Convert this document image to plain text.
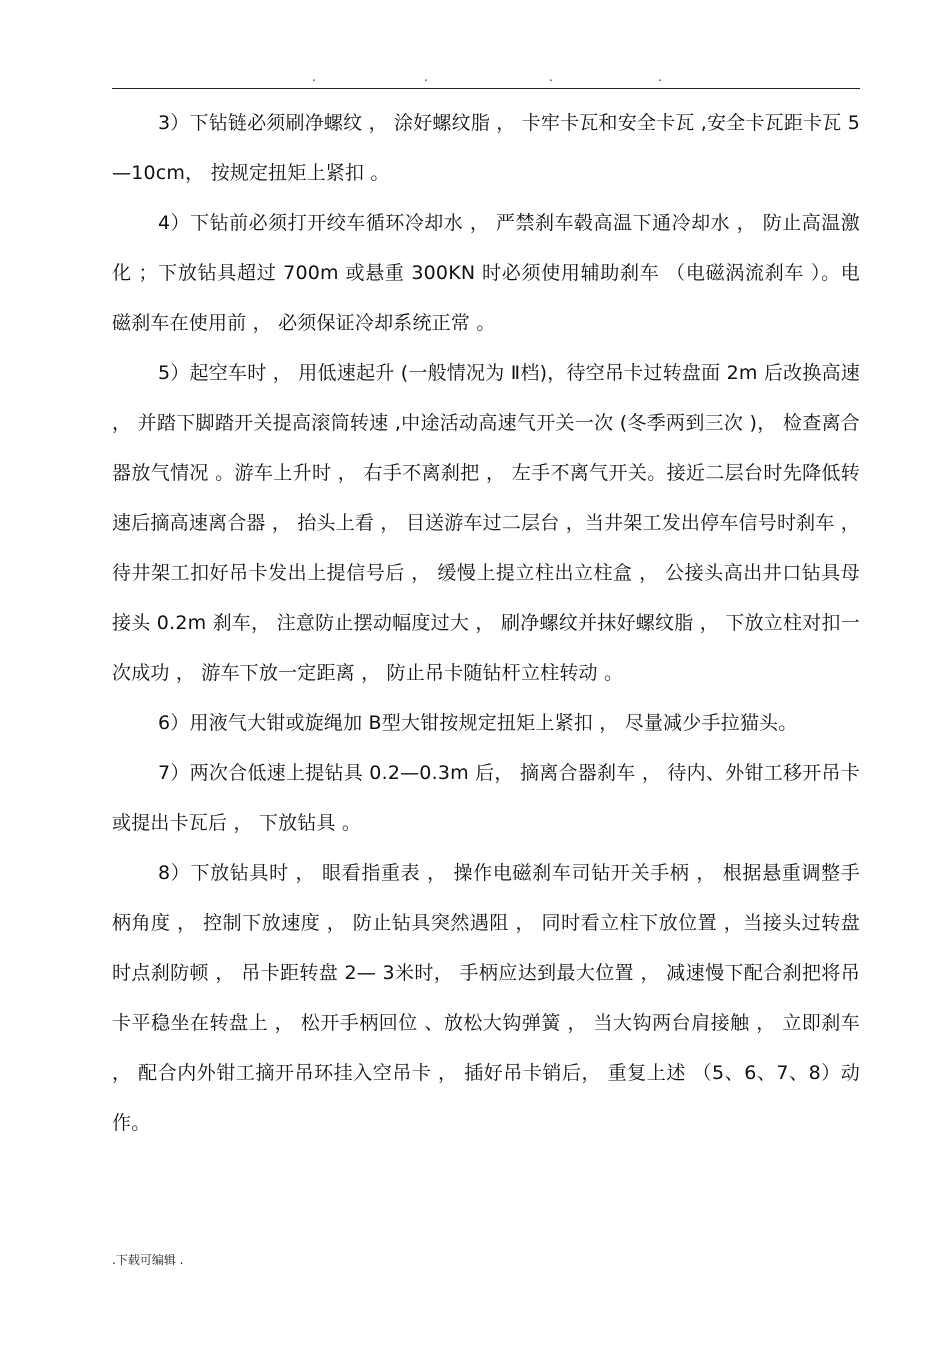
.	.	.	.

3）下钻链必须刷净螺纹 ， 涂好螺纹脂 ， 卡牢卡瓦和安全卡瓦 ,安全卡瓦距卡瓦 5—10cm， 按规定扭矩上紧扣 。

4）下钻前必须打开绞车循环冷却水 ， 严禁刹车毂高温下通冷却水 ， 防止高温激化 ；下放钻具超过 700m 或悬重 300KN 时必须使用辅助刹车 （电磁涡流刹车 ）。电磁刹车在使用前 ， 必须保证冷却系统正常 。

5）起空车时 ， 用低速起升 (一般情况为 Ⅱ档)，待空吊卡过转盘面 2m 后改换高速 ， 并踏下脚踏开关提高滚筒转速 ,中途活动高速气开关一次 (冬季两到三次 )， 检查离合器放气情况 。游车上升时 ， 右手不离刹把 ， 左手不离气开关。接近二层台时先降低转速后摘高速离合器 ， 抬头上看 ， 目送游车过二层台 ，当井架工发出停车信号时刹车 ， 待井架工扣好吊卡发出上提信号后 ， 缓慢上提立柱出立柱盒 ， 公接头高出井口钻具母接头 0.2m 刹车， 注意防止摆动幅度过大 ， 刷净螺纹并抹好螺纹脂 ， 下放立柱对扣一次成功 ， 游车下放一定距离 ， 防止吊卡随钻杆立柱转动 。

6）用液气大钳或旋绳加 B型大钳按规定扭矩上紧扣 ， 尽量减少手拉猫头。

7）两次合低速上提钻具 0.2—0.3m 后， 摘离合器刹车 ， 待内、外钳工移开吊卡或提出卡瓦后 ， 下放钻具 。

8）下放钻具时 ， 眼看指重表 ， 操作电磁刹车司钻开关手柄 ， 根据悬重调整手柄角度 ， 控制下放速度 ， 防止钻具突然遇阻 ， 同时看立柱下放位置 ，当接头过转盘时点刹防顿 ， 吊卡距转盘 2— 3米时， 手柄应达到最大位置 ， 减速慢下配合刹把将吊卡平稳坐在转盘上 ， 松开手柄回位 、放松大钩弹簧 ， 当大钩两台肩接触 ， 立即刹车 ， 配合内外钳工摘开吊环挂入空吊卡 ， 插好吊卡销后， 重复上述 （5、6、7、8）动作。

.下载可编辑 .
